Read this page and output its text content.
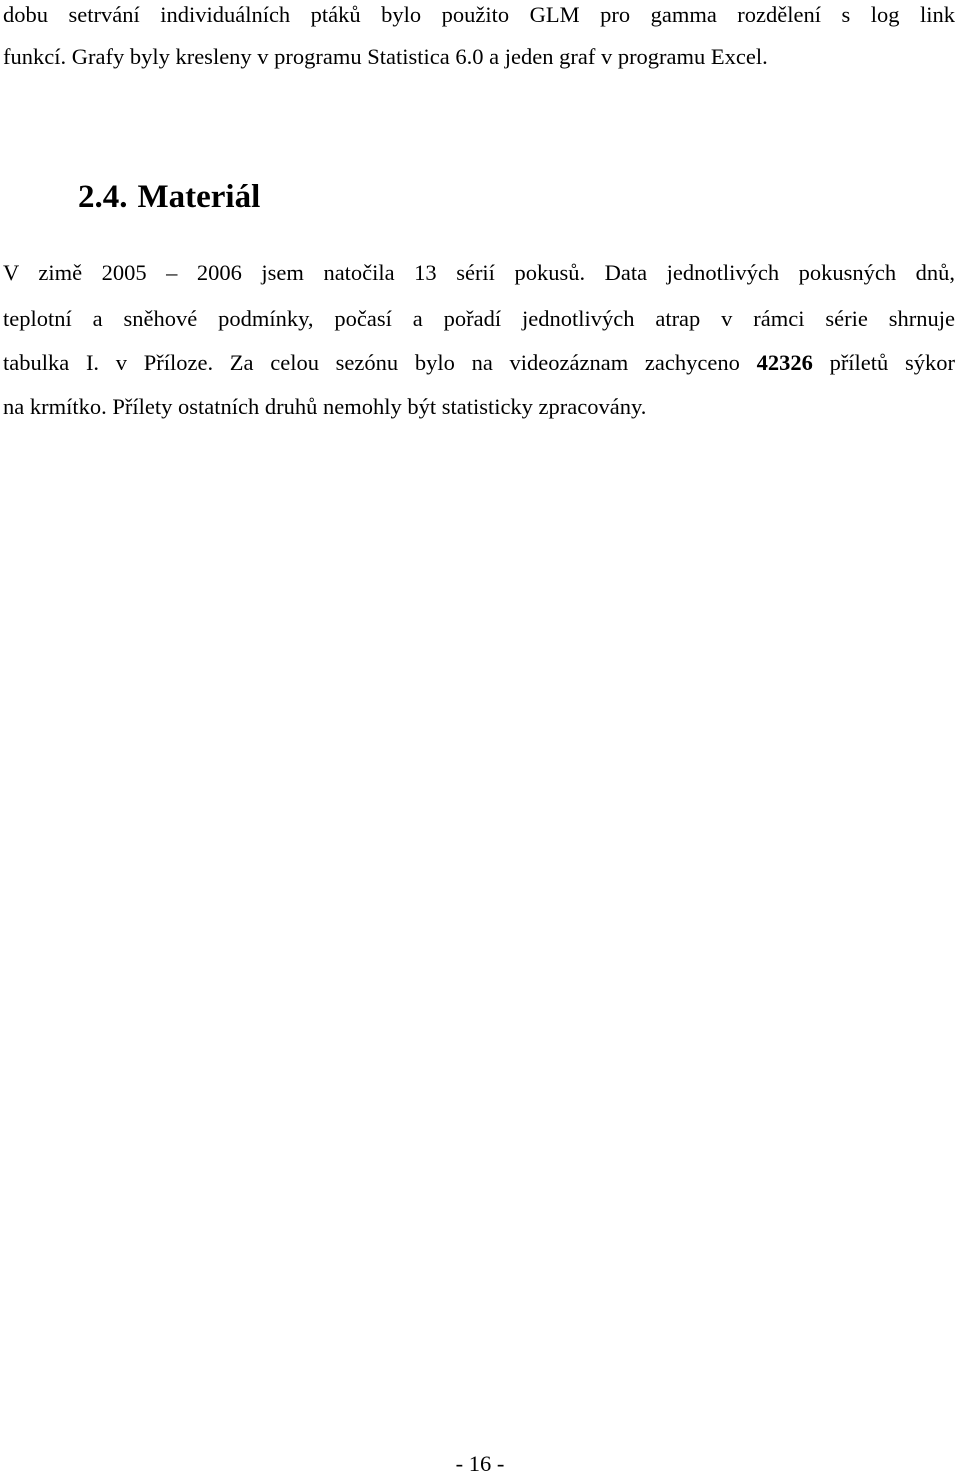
dobu setrvání individuálních ptáků bylo použito GLM pro gamma rozdělení s log link
funkcí. Grafy byly kresleny v programu Statistica 6.0 a jeden graf v programu Excel.
2.4. Materiál
V zimě 2005 – 2006 jsem natočila 13 sérií pokusů. Data jednotlivých pokusných dnů,
teplotní a sněhové podmínky, počasí a pořadí jednotlivých atrap v rámci série shrnuje
tabulka I. v Příloze. Za celou sezónu bylo na videozáznam zachyceno 42326 příletů sýkor
na krmítko. Přílety ostatních druhů nemohly být statisticky zpracovány.
- 16 -
